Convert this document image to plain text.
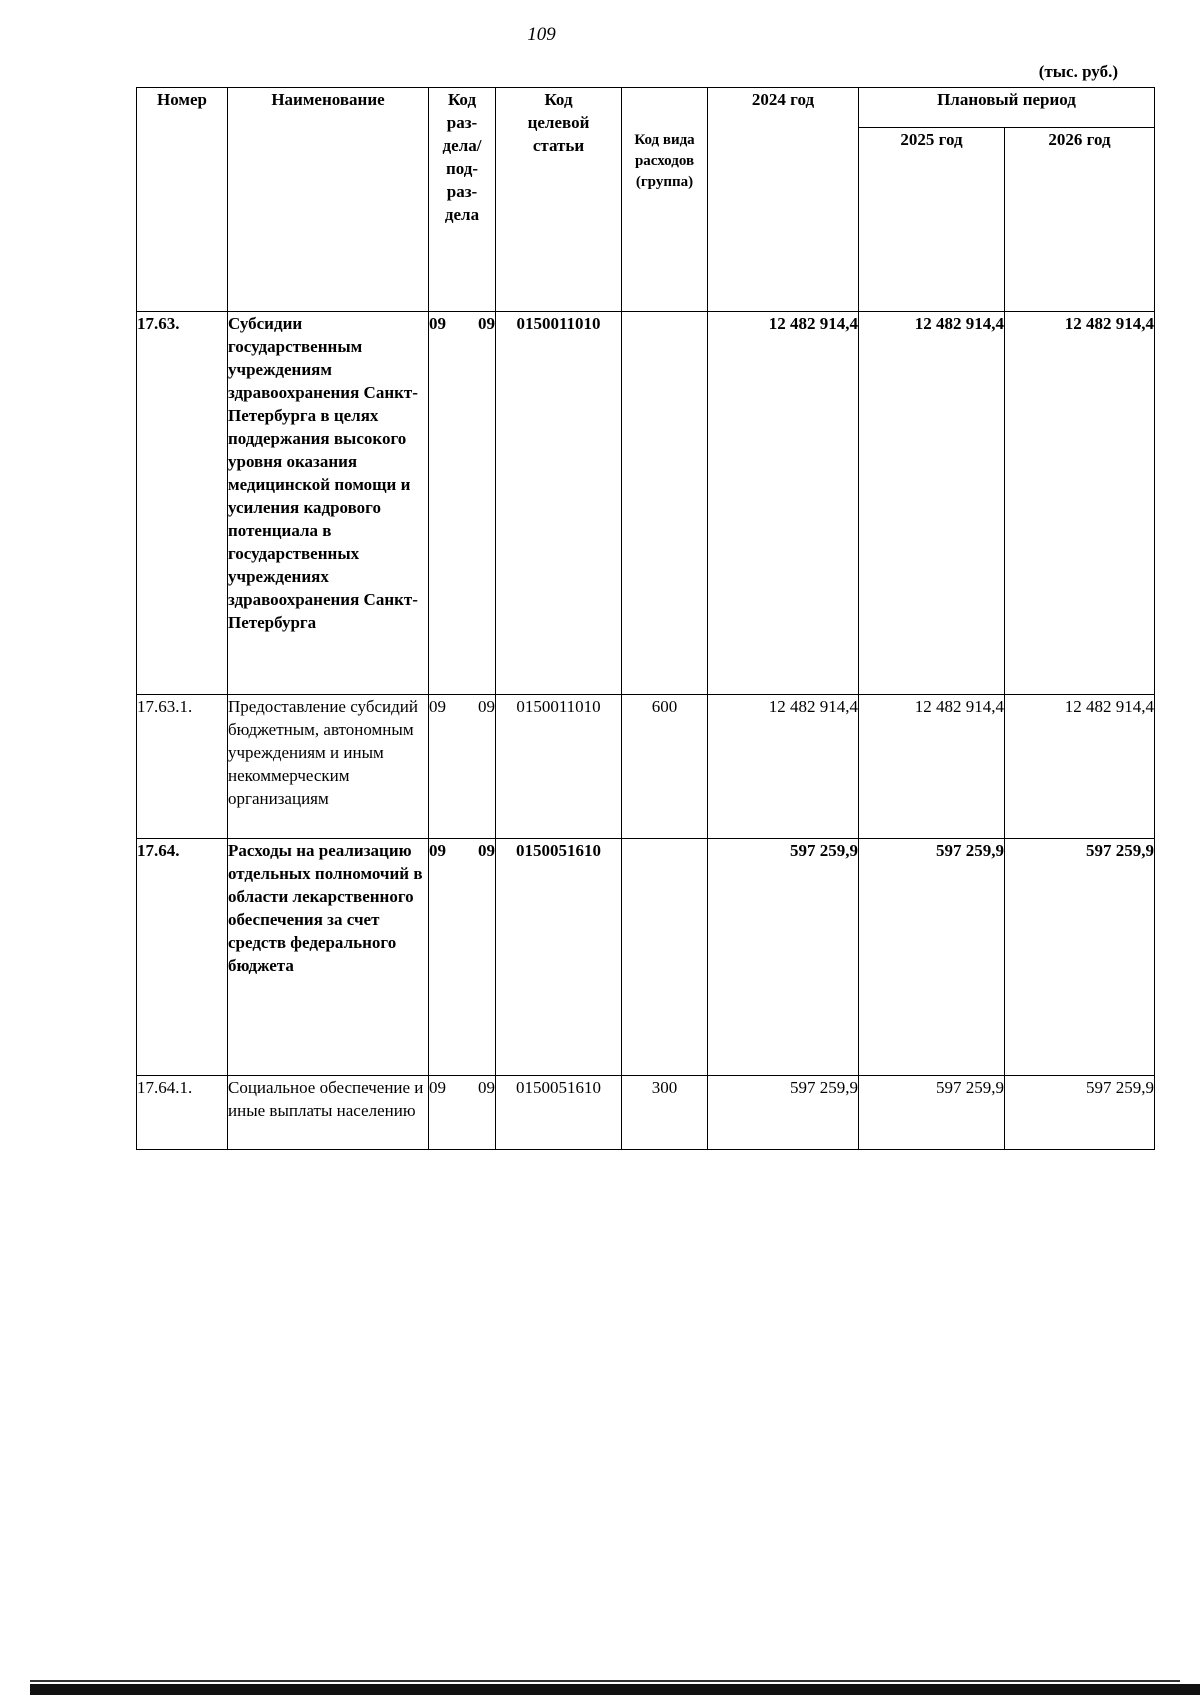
109
(тыс. руб.)
Номер	Наименование	Код раз-дела/ под-раз-дела	Код целевой статьи	Код вида расходов (группа)	2024 год	Плановый период	
						2025 год	2026 год
17.63.	Субсидии государственным учреждениям здравоохранения Санкт-Петербурга в целях поддержания высокого уровня оказания медицинской помощи и усиления кадрового потенциала в государственных учреждениях здравоохранения Санкт-Петербурга	09 09	0150011010		12 482 914,4	12 482 914,4	12 482 914,4
17.63.1.	Предоставление субсидий бюджетным, автономным учреждениям и иным некоммерческим организациям	09 09	0150011010	600	12 482 914,4	12 482 914,4	12 482 914,4
17.64.	Расходы на реализацию отдельных полномочий в области лекарственного обеспечения за счет средств федерального бюджета	09 09	0150051610		597 259,9	597 259,9	597 259,9
17.64.1.	Социальное обеспечение и иные выплаты населению	09 09	0150051610	300	597 259,9	597 259,9	597 259,9
